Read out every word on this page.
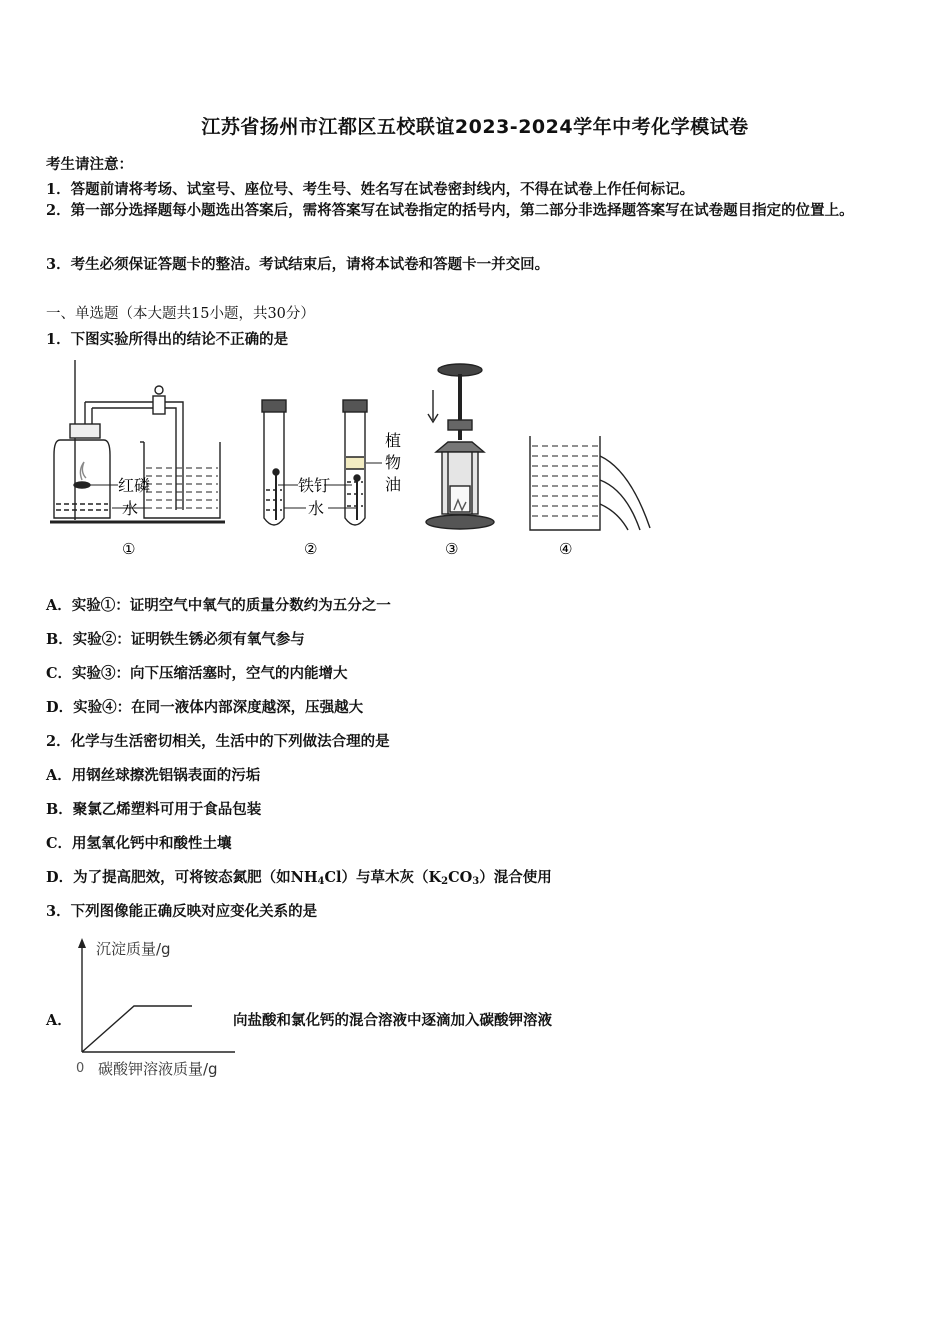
江苏省扬州市江都区五校联谊2023-2024学年中考化学模试卷
考生请注意：
1．答题前请将考场、试室号、座位号、考生号、姓名写在试卷密封线内，不得在试卷上作任何标记。
2．第一部分选择题每小题选出答案后，需将答案写在试卷指定的括号内，第二部分非选择题答案写在试卷题目指定的位置上。
3．考生必须保证答题卡的整洁。考试结束后，请将本试卷和答题卡一并交回。
一、单选题（本大题共15小题，共30分）
1．下图实验所得出的结论不正确的是
红磷
水
①
铁钉
水
植
物
油
②	③	④
A．实验①：证明空气中氧气的质量分数约为五分之一
B．实验②：证明铁生锈必须有氧气参与
C．实验③：向下压缩活塞时，空气的内能增大
D．实验④：在同一液体内部深度越深，压强越大
2．化学与生活密切相关，生活中的下列做法合理的是
A．用钢丝球擦洗铝锅表面的污垢
B．聚氯乙烯塑料可用于食品包装
C．用氢氧化钙中和酸性土壤
D．为了提高肥效，可将铵态氮肥（如$NH_4Cl$）与草木灰$(K_2CO_3)$混合使用
3．下列图像能正确反映对应变化关系的是
A．
沉淀质量/g
0 碳酸钾溶液质量/g
向盐酸和氯化钙的混合溶液中逐滴加入碳酸钾溶液
